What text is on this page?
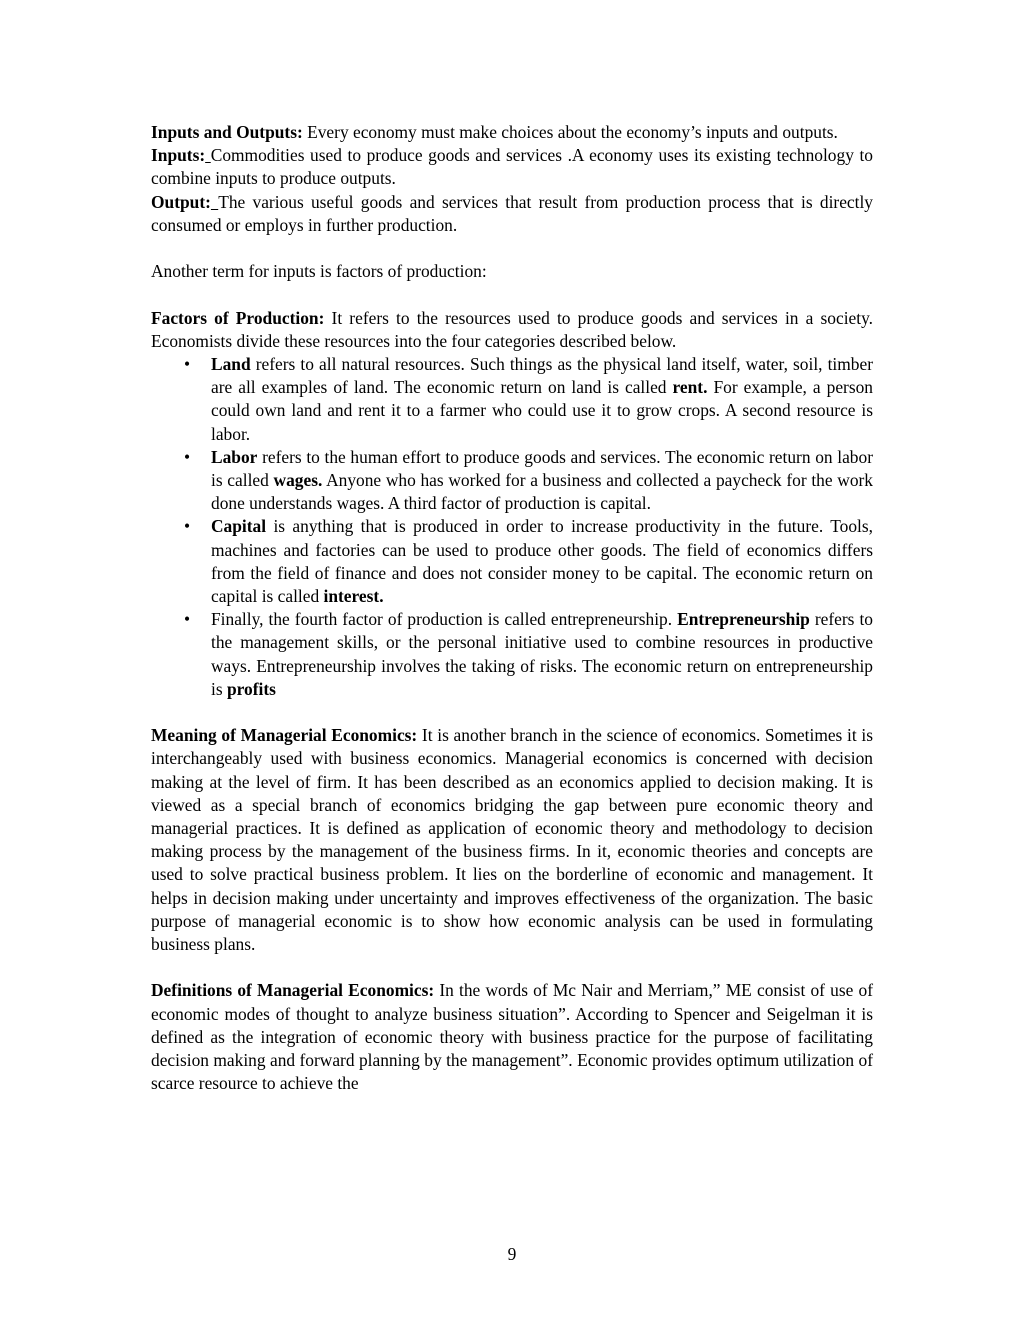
Inputs and Outputs: Every economy must make choices about the economy’s inputs and outputs.

Inputs: Commodities used to produce goods and services .A economy uses its existing technology to combine inputs to produce outputs.

Output: The various useful goods and services that result from production process that is directly consumed or employs in further production.

Another term for inputs is factors of production:

Factors of Production: It refers to the resources used to produce goods and services in a society. Economists divide these resources into the four categories described below.

• Land refers to all natural resources. Such things as the physical land itself, water, soil, timber are all examples of land. The economic return on land is called rent. For example, a person could own land and rent it to a farmer who could use it to grow crops. A second resource is labor.
• Labor refers to the human effort to produce goods and services. The economic return on labor is called wages. Anyone who has worked for a business and collected a paycheck for the work done understands wages. A third factor of production is capital.
• Capital is anything that is produced in order to increase productivity in the future. Tools, machines and factories can be used to produce other goods. The field of economics differs from the field of finance and does not consider money to be capital. The economic return on capital is called interest.
• Finally, the fourth factor of production is called entrepreneurship. Entrepreneurship refers to the management skills, or the personal initiative used to combine resources in productive ways. Entrepreneurship involves the taking of risks. The economic return on entrepreneurship is profits

Meaning of Managerial Economics: It is another branch in the science of economics. Sometimes it is interchangeably used with business economics. Managerial economics is concerned with decision making at the level of firm. It has been described as an economics applied to decision making. It is viewed as a special branch of economics bridging the gap between pure economic theory and managerial practices. It is defined as application of economic theory and methodology to decision making process by the management of the business firms. In it, economic theories and concepts are used to solve practical business problem. It lies on the borderline of economic and management. It helps in decision making under uncertainty and improves effectiveness of the organization. The basic purpose of managerial economic is to show how economic analysis can be used in formulating business plans.

Definitions of Managerial Economics: In the words of Mc Nair and Merriam,” ME consist of use of economic modes of thought to analyze business situation”. According to Spencer and Seigelman it is defined as the integration of economic theory with business practice for the purpose of facilitating decision making and forward planning by the management”. Economic provides optimum utilization of scarce resource to achieve the

9
